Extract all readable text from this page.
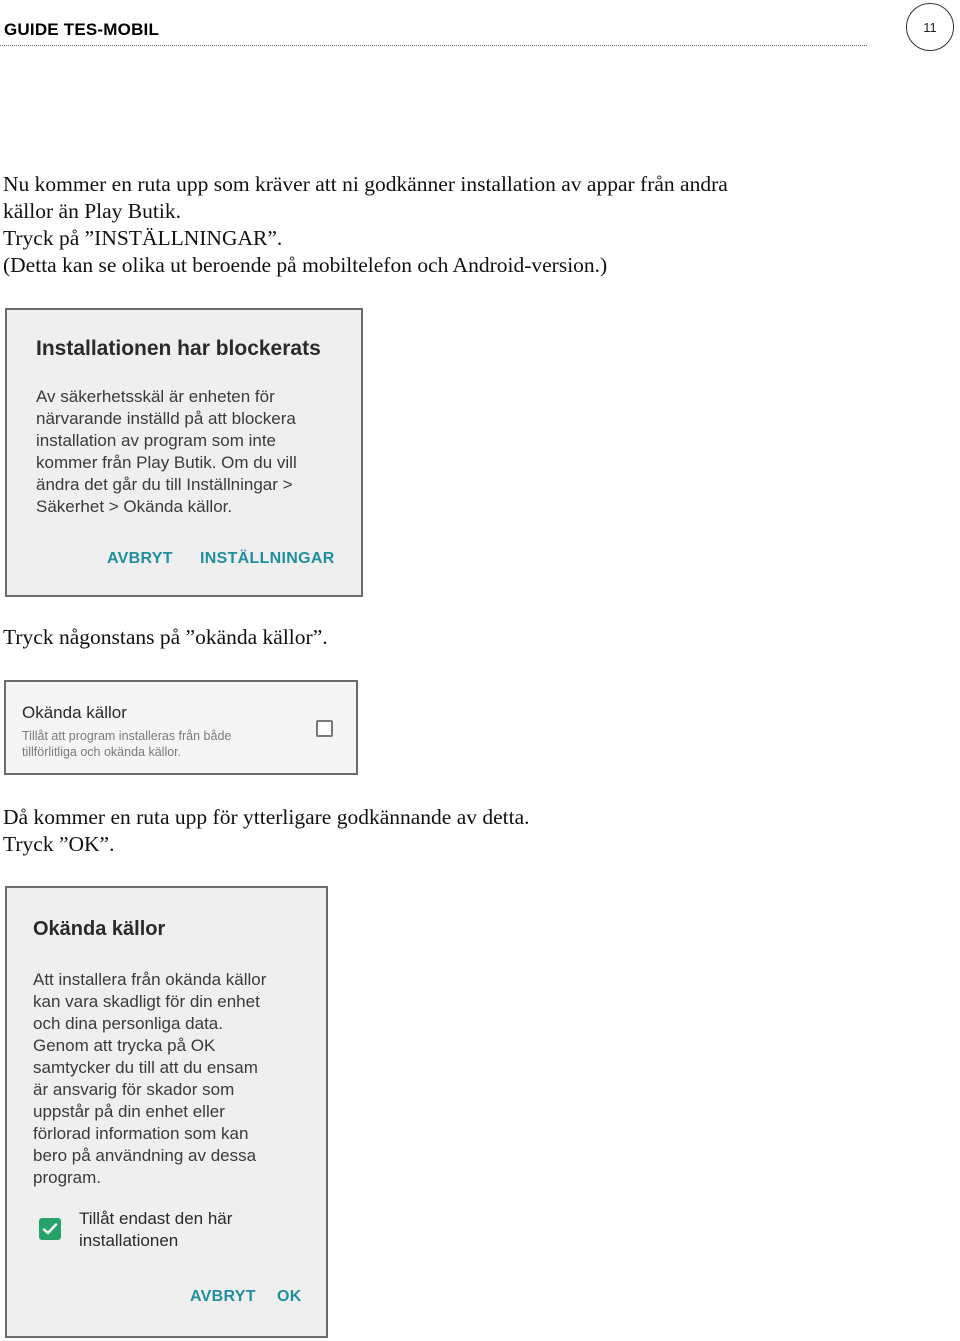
GUIDE TES-MOBIL	11
Nu kommer en ruta upp som kräver att ni godkänner installation av appar från andra
källor än Play Butik.
Tryck på ”INSTÄLLNINGAR”.
(Detta kan se olika ut beroende på mobiltelefon och Android-version.)
Installationen har blockerats
Av säkerhetsskäl är enheten för
närvarande inställd på att blockera
installation av program som inte
kommer från Play Butik. Om du vill
ändra det går du till Inställningar >
Säkerhet > Okända källor.
AVBRYT INSTÄLLNINGAR
Tryck någonstans på ”okända källor”.
Okända källor
Tillåt att program installeras från både
tillförlitliga och okända källor.
Då kommer en ruta upp för ytterligare godkännande av detta.
Tryck ”OK”.
Okända källor
Att installera från okända källor
kan vara skadligt för din enhet
och dina personliga data.
Genom att trycka på OK
samtycker du till att du ensam
är ansvarig för skador som
uppstår på din enhet eller
förlorad information som kan
bero på användning av dessa
program.
Tillåt endast den här
installationen
AVBRYT OK
